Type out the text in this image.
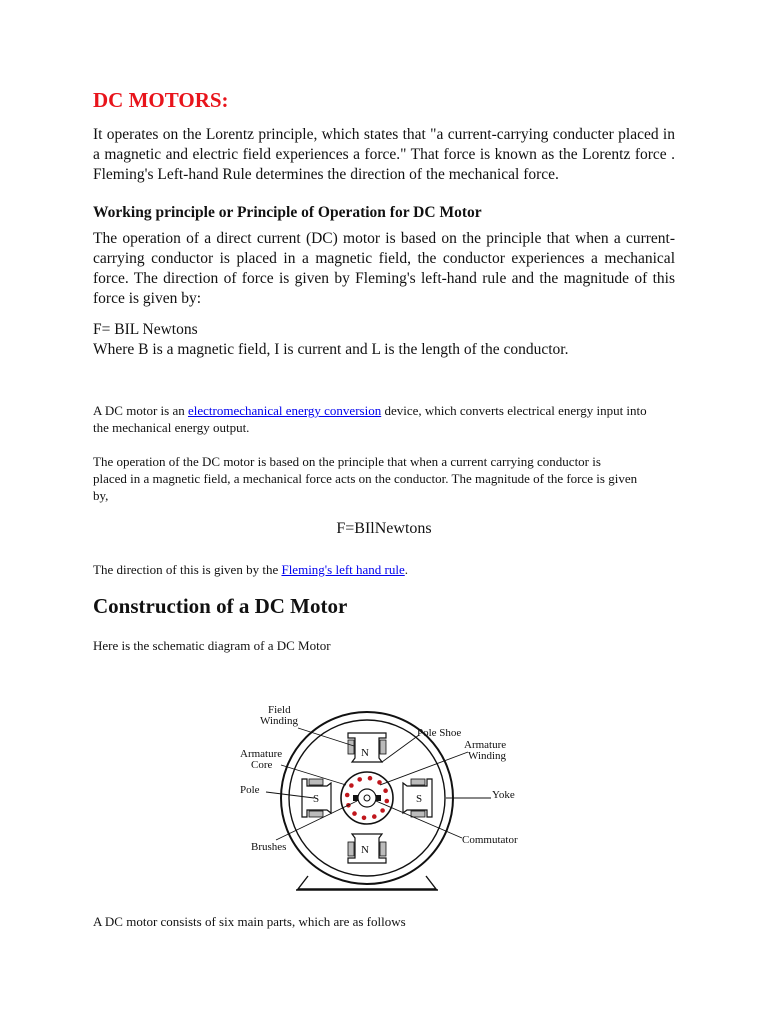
DC MOTORS:

It operates on the Lorentz principle, which states that "a current-carrying conducter placed in a magnetic and electric field experiences a force." That force is known as the Lorentz force . Fleming's Left-hand Rule determines the direction of the mechanical force.

Working principle or Principle of Operation for DC Motor

The operation of a direct current (DC) motor is based on the principle that when a current-carrying conductor is placed in a magnetic field, the conductor experiences a mechanical force. The direction of force is given by Fleming's left-hand rule and the magnitude of this force is given by:

F= BIL Newtons

Where B is a magnetic field, I is current and L is the length of the conductor.

A DC motor is an electromechanical energy conversion device, which converts electrical energy input into the mechanical energy output.

The operation of the DC motor is based on the principle that when a current carrying conductor is placed in a magnetic field, a mechanical force acts on the conductor. The magnitude of the force is given by,

F=BIlNewtons

The direction of this is given by the Fleming's left hand rule.

Construction of a DC Motor

Here is the schematic diagram of a DC Motor

A DC motor consists of six main parts, which are as follows

N
N
S	S
Field
Winding
Pole Shoe
Armature
Winding
Armature
Core
Pole	Yoke
Brushes
Commutator
